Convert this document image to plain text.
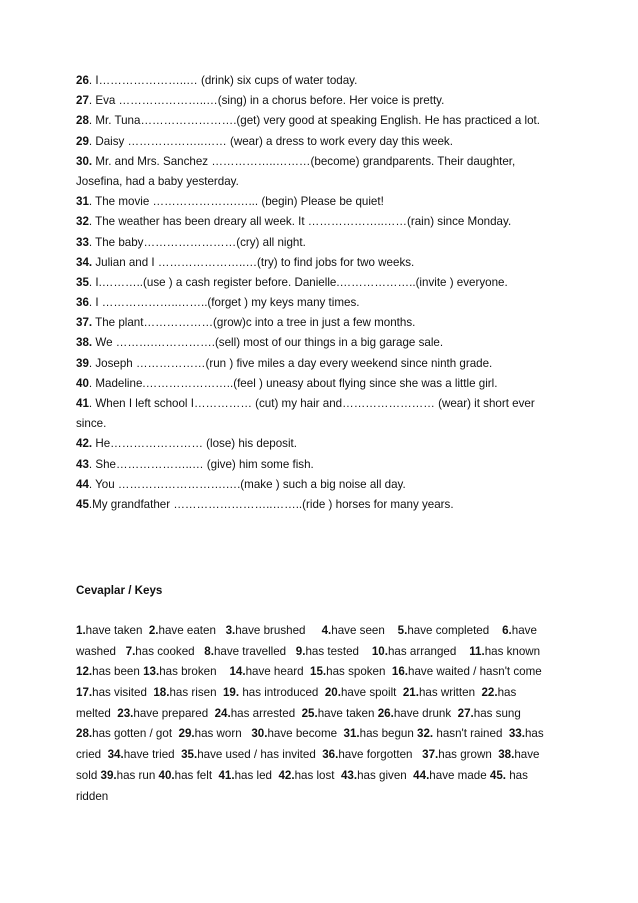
26. I…………………..… (drink) six cups of water today.
27. Eva …………………..…(sing) in a chorus before. Her voice is pretty.
28. Mr. Tuna…………………….(get) very good at speaking English. He has practiced a lot.
29. Daisy ………………..…… (wear) a dress to work every day this week.
30. Mr. and Mrs. Sanchez ……………..………(become) grandparents. Their daughter,
Josefina, had a baby yesterday.
31. The movie ………………….…... (begin) Please be quiet!
32. The weather has been dreary all week. It ………………..……(rain) since Monday.
33. The baby……………………(cry) all night.
34. Julian and I …………………..…(try) to find jobs for two weeks.
35. I.………..(use ) a cash register before. Danielle.………………..(invite ) everyone.
36. I ………………..……..(forget ) my keys many times.
37. The plant………………(grow)c into a tree in just a few months.
38. We ……….…………….(sell) most of our things in a big garage sale.
39. Joseph ………………(run ) five miles a day every weekend since ninth grade.
40. Madeline.…………………..(feel ) uneasy about flying since she was a little girl.
41. When I left school I…………… (cut) my hair and…………………… (wear) it short ever
since.
42. He…………………… (lose) his deposit.
43. She………………..… (give) him some fish.
44. You ……………………….….(make ) such a big noise all day.
45.My grandfather ……………………..……..(ride ) horses for many years.
Cevaplar / Keys
1.have taken  2.have eaten   3.have brushed     4.have seen    5.have completed    6.have
washed   7.has cooked   8.have travelled   9.has tested    10.has arranged    11.has known
12.has been 13.has broken    14.have heard  15.has spoken  16.have waited / hasn't come
17.has visited  18.has risen  19. has introduced  20.have spoilt  21.has written  22.has
melted  23.have prepared  24.has arrested  25.have taken 26.have drunk  27.has sung
28.has gotten / got  29.has worn   30.have become  31.has begun 32. hasn't rained  33.has
cried  34.have tried  35.have used / has invited  36.have forgotten   37.has grown  38.have
sold 39.has run 40.has felt  41.has led  42.has lost  43.has given  44.have made 45. has
ridden
